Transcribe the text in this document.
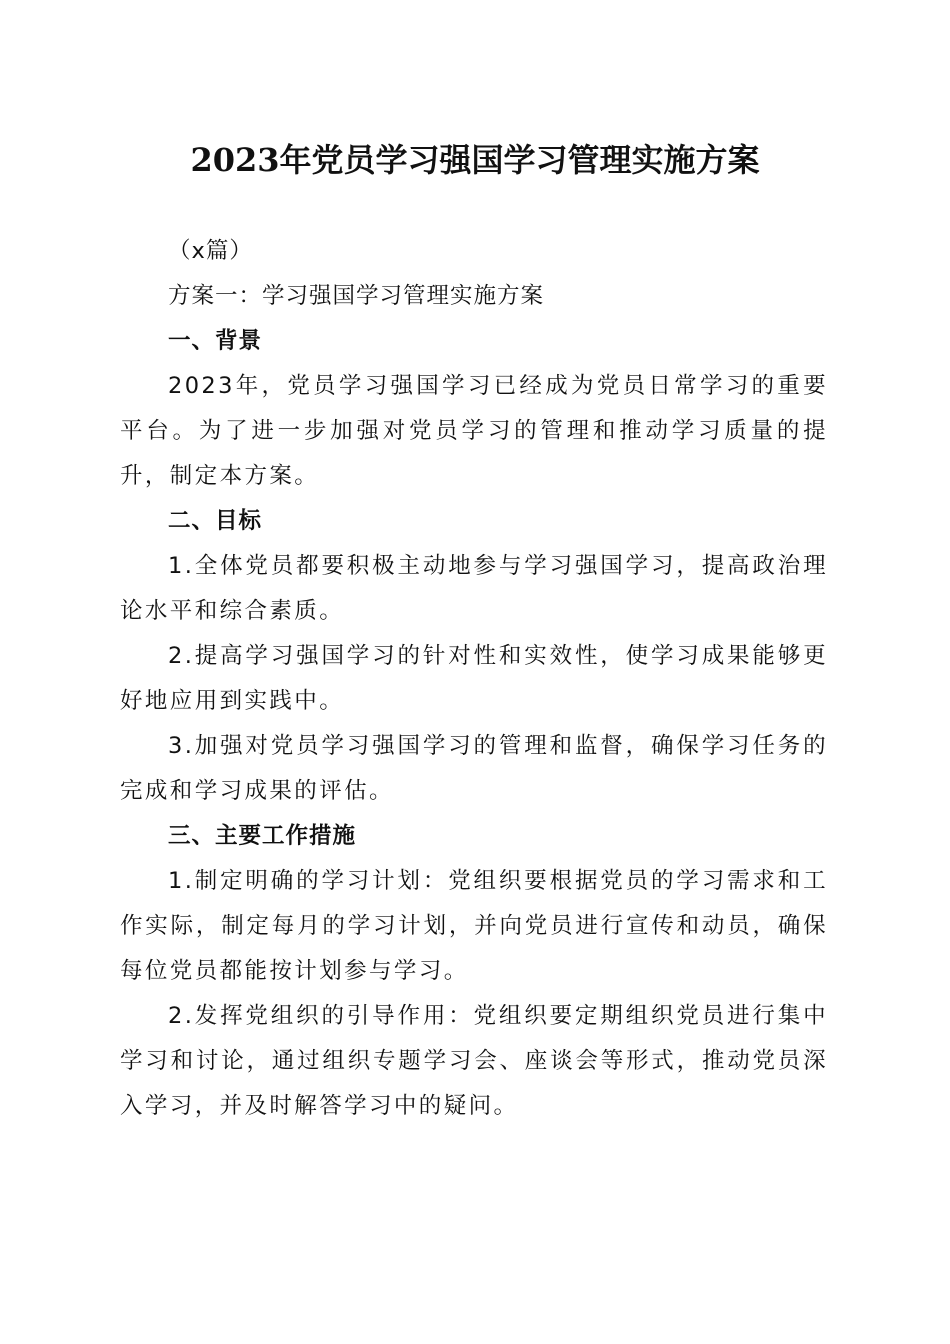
2023年党员学习强国学习管理实施方案

（x篇）

方案一：学习强国学习管理实施方案

一、背景

2023年，党员学习强国学习已经成为党员日常学习的重要平台。为了进一步加强对党员学习的管理和推动学习质量的提升，制定本方案。

二、目标

1.全体党员都要积极主动地参与学习强国学习，提高政治理论水平和综合素质。

2.提高学习强国学习的针对性和实效性，使学习成果能够更好地应用到实践中。

3.加强对党员学习强国学习的管理和监督，确保学习任务的完成和学习成果的评估。

三、主要工作措施

1.制定明确的学习计划：党组织要根据党员的学习需求和工作实际，制定每月的学习计划，并向党员进行宣传和动员，确保每位党员都能按计划参与学习。

2.发挥党组织的引导作用：党组织要定期组织党员进行集中学习和讨论，通过组织专题学习会、座谈会等形式，推动党员深入学习，并及时解答学习中的疑问。
